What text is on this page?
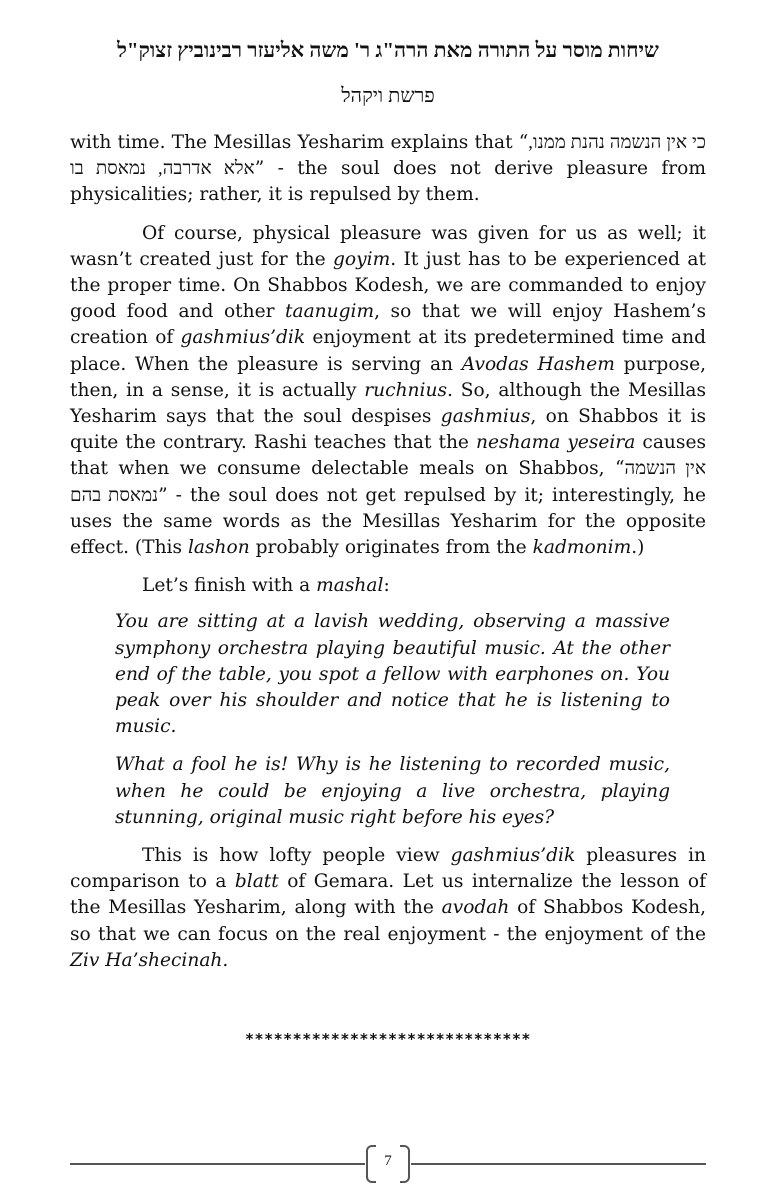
שיחות מוסר על התורה מאת הרה"ג ר' משה אליעזר רבינוביץ זצוק"ל
פרשת ויקהל

with time. The Mesillas Yesharim explains that “כי אין הנשמה נהנת ממנו, אלא אדרבה, נמאסת בו” - the soul does not derive pleasure from physicalities; rather, it is repulsed by them.

Of course, physical pleasure was given for us as well; it wasn’t created just for the goyim. It just has to be experienced at the proper time. On Shabbos Kodesh, we are commanded to enjoy good food and other taanugim, so that we will enjoy Hashem’s creation of gashmius’dik enjoyment at its predetermined time and place. When the pleasure is serving an Avodas Hashem purpose, then, in a sense, it is actually ruchnius. So, although the Mesillas Yesharim says that the soul despises gashmius, on Shabbos it is quite the contrary. Rashi teaches that the neshama yeseira causes that when we consume delectable meals on Shabbos, “אין הנשמה נמאסת בהם” - the soul does not get repulsed by it; interestingly, he uses the same words as the Mesillas Yesharim for the opposite effect. (This lashon probably originates from the kadmonim.)

Let’s finish with a mashal:

You are sitting at a lavish wedding, observing a massive symphony orchestra playing beautiful music. At the other end of the table, you spot a fellow with earphones on. You peak over his shoulder and notice that he is listening to music.

What a fool he is! Why is he listening to recorded music, when he could be enjoying a live orchestra, playing stunning, original music right before his eyes?

This is how lofty people view gashmius’dik pleasures in comparison to a blatt of Gemara. Let us internalize the lesson of the Mesillas Yesharim, along with the avodah of Shabbos Kodesh, so that we can focus on the real enjoyment - the enjoyment of the Ziv Ha’shecinah.

******************************
7
